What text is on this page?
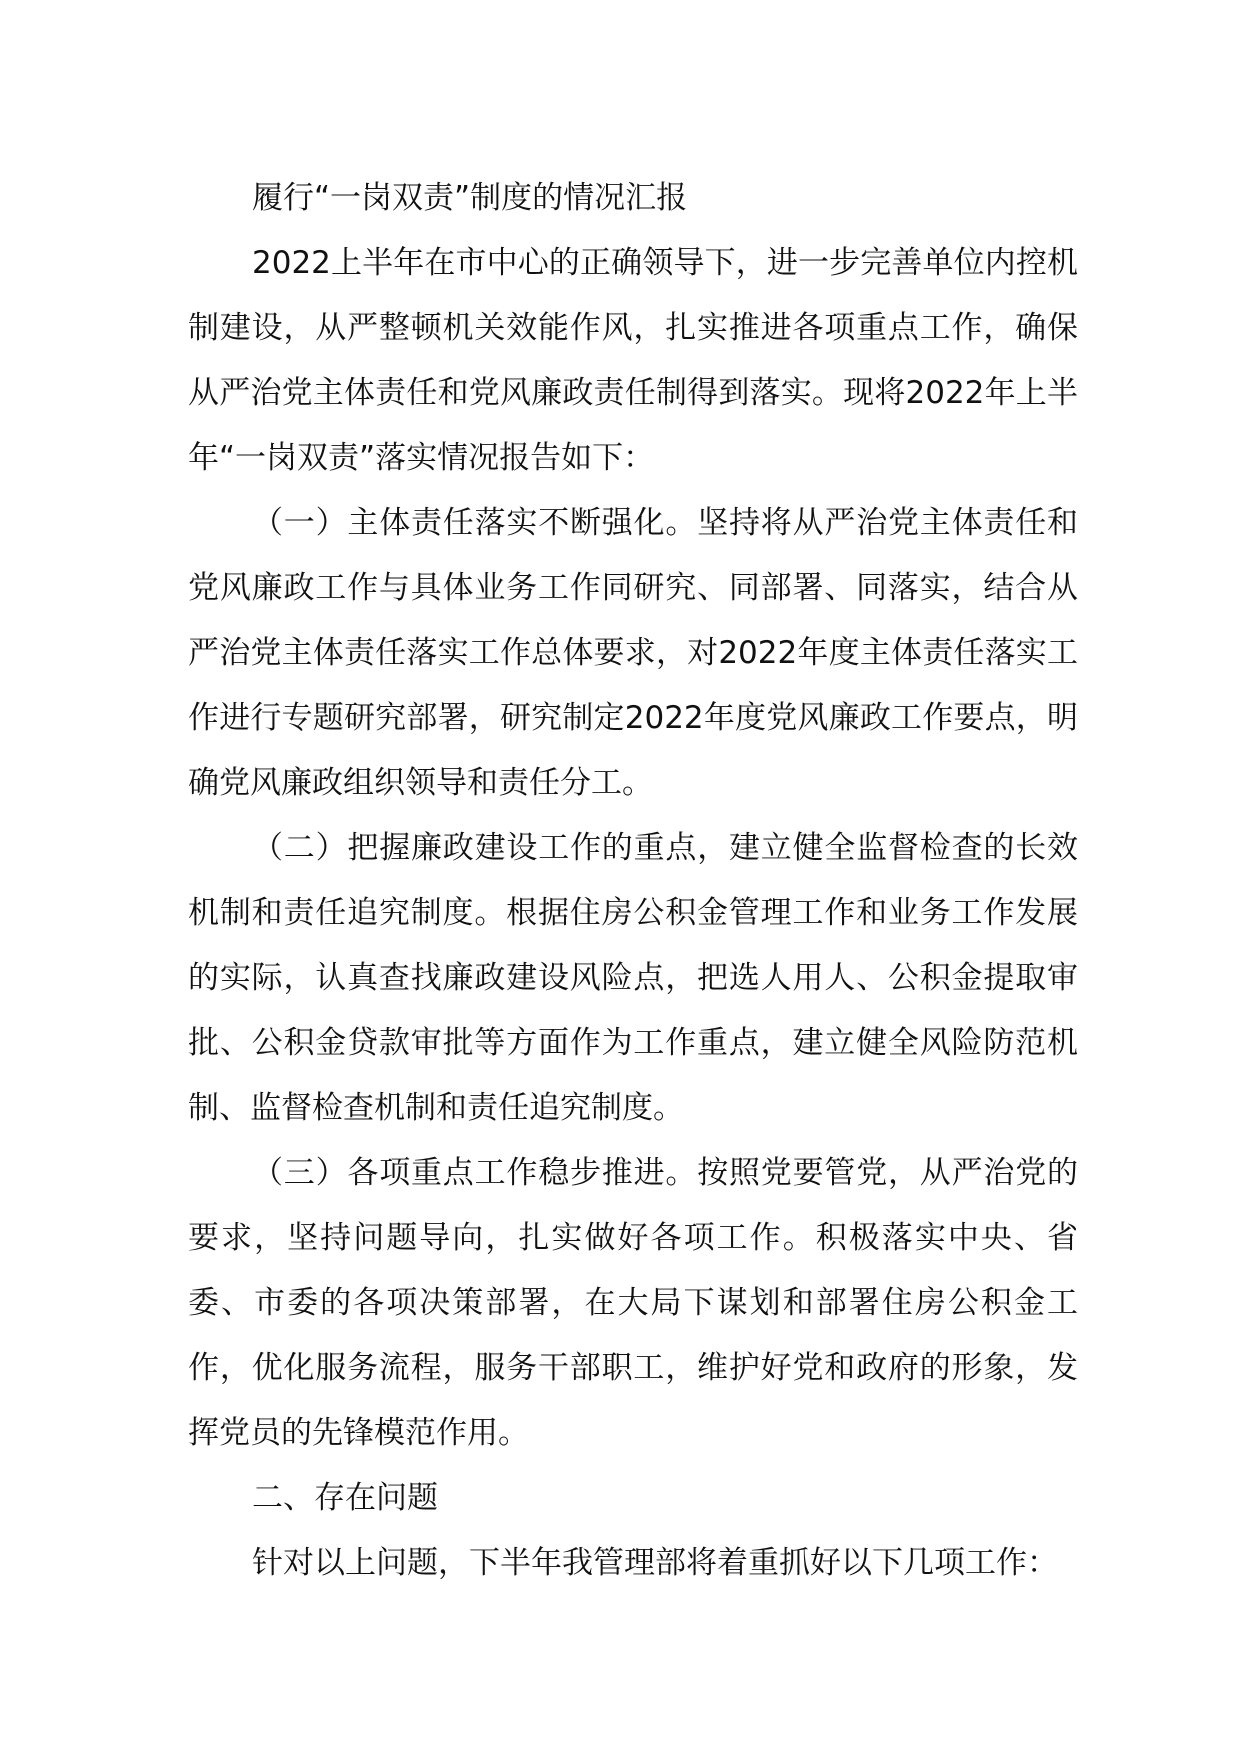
履行“一岗双责”制度的情况汇报

2022上半年在市中心的正确领导下，进一步完善单位内控机制建设，从严整顿机关效能作风，扎实推进各项重点工作，确保从严治党主体责任和党风廉政责任制得到落实。现将2022年上半年“一岗双责”落实情况报告如下：

（一）主体责任落实不断强化。坚持将从严治党主体责任和党风廉政工作与具体业务工作同研究、同部署、同落实，结合从严治党主体责任落实工作总体要求，对2022年度主体责任落实工作进行专题研究部署，研究制定2022年度党风廉政工作要点，明确党风廉政组织领导和责任分工。

（二）把握廉政建设工作的重点，建立健全监督检查的长效机制和责任追究制度。根据住房公积金管理工作和业务工作发展的实际，认真查找廉政建设风险点，把选人用人、公积金提取审批、公积金贷款审批等方面作为工作重点，建立健全风险防范机制、监督检查机制和责任追究制度。

（三）各项重点工作稳步推进。按照党要管党，从严治党的要求，坚持问题导向，扎实做好各项工作。积极落实中央、省委、市委的各项决策部署，在大局下谋划和部署住房公积金工作，优化服务流程，服务干部职工，维护好党和政府的形象，发挥党员的先锋模范作用。

二、存在问题

针对以上问题，下半年我管理部将着重抓好以下几项工作：
